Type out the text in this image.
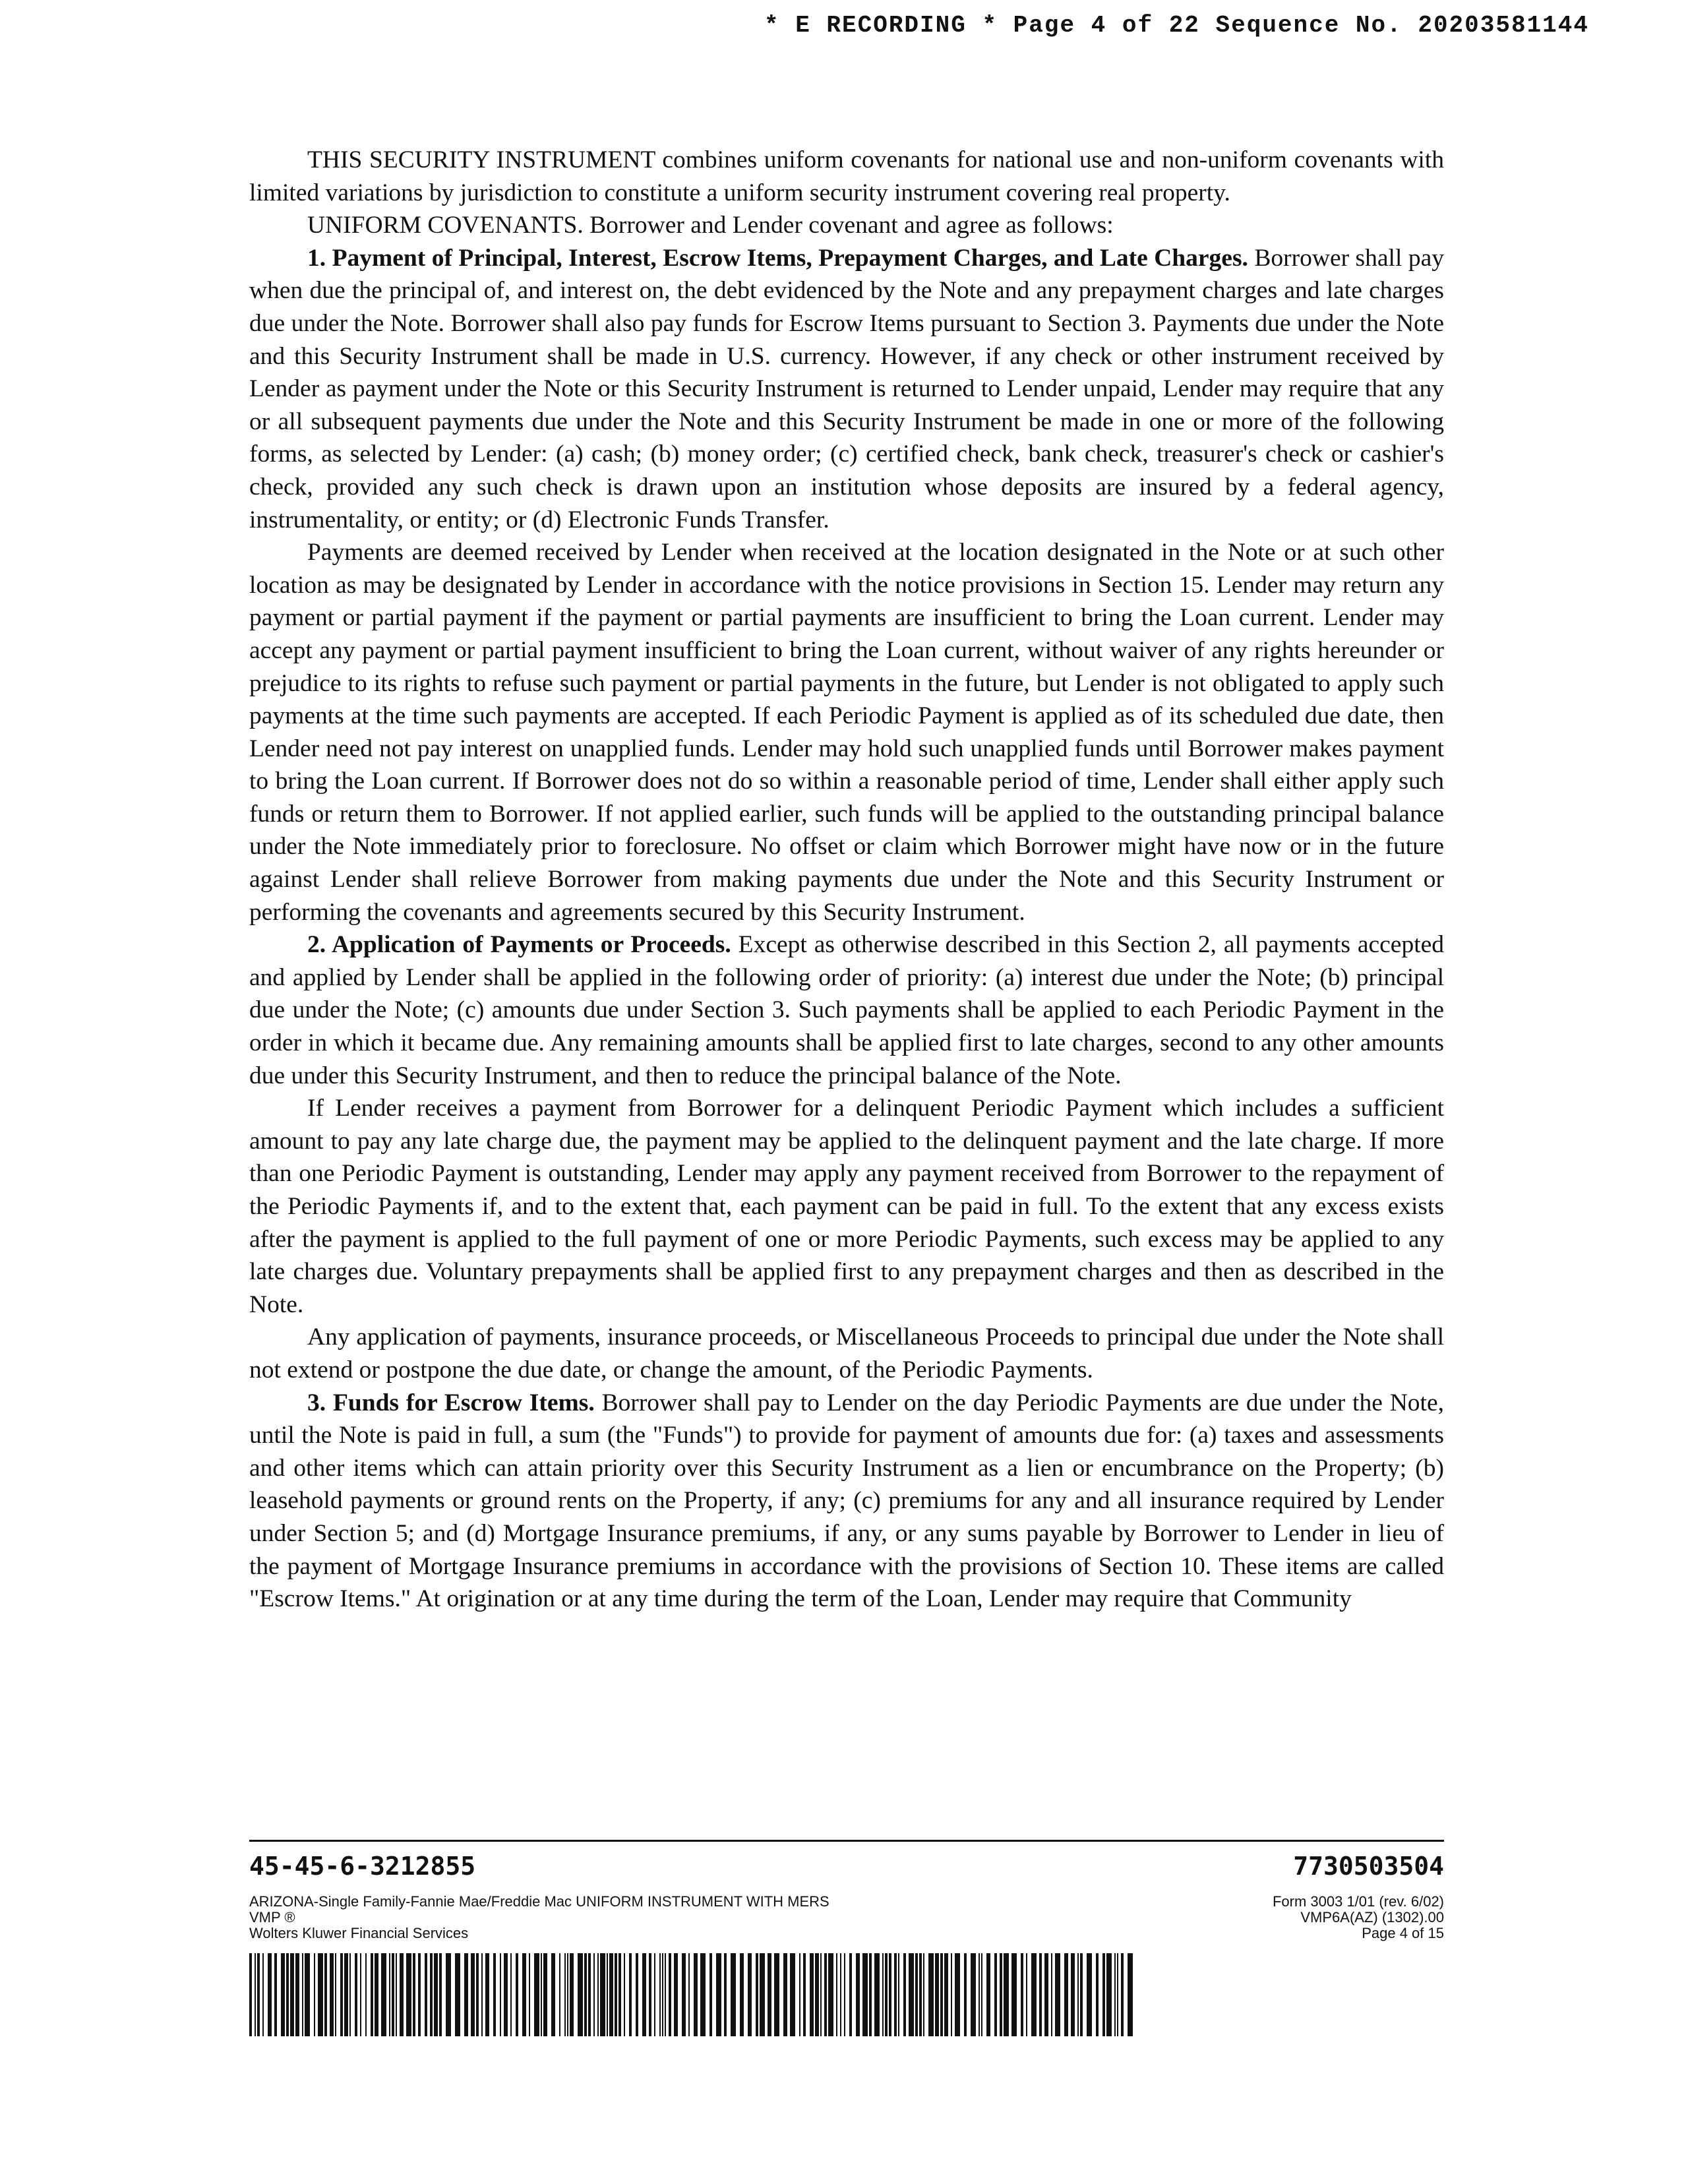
* E RECORDING * Page 4 of 22 Sequence No. 20203581144

THIS SECURITY INSTRUMENT combines uniform covenants for national use and non-uniform covenants with limited variations by jurisdiction to constitute a uniform security instrument covering real property.

UNIFORM COVENANTS. Borrower and Lender covenant and agree as follows:

1. Payment of Principal, Interest, Escrow Items, Prepayment Charges, and Late Charges. Borrower shall pay when due the principal of, and interest on, the debt evidenced by the Note and any prepayment charges and late charges due under the Note. Borrower shall also pay funds for Escrow Items pursuant to Section 3. Payments due under the Note and this Security Instrument shall be made in U.S. currency. However, if any check or other instrument received by Lender as payment under the Note or this Security Instrument is returned to Lender unpaid, Lender may require that any or all subsequent payments due under the Note and this Security Instrument be made in one or more of the following forms, as selected by Lender: (a) cash; (b) money order; (c) certified check, bank check, treasurer's check or cashier's check, provided any such check is drawn upon an institution whose deposits are insured by a federal agency, instrumentality, or entity; or (d) Electronic Funds Transfer.

Payments are deemed received by Lender when received at the location designated in the Note or at such other location as may be designated by Lender in accordance with the notice provisions in Section 15. Lender may return any payment or partial payment if the payment or partial payments are insufficient to bring the Loan current. Lender may accept any payment or partial payment insufficient to bring the Loan current, without waiver of any rights hereunder or prejudice to its rights to refuse such payment or partial payments in the future, but Lender is not obligated to apply such payments at the time such payments are accepted. If each Periodic Payment is applied as of its scheduled due date, then Lender need not pay interest on unapplied funds. Lender may hold such unapplied funds until Borrower makes payment to bring the Loan current. If Borrower does not do so within a reasonable period of time, Lender shall either apply such funds or return them to Borrower. If not applied earlier, such funds will be applied to the outstanding principal balance under the Note immediately prior to foreclosure. No offset or claim which Borrower might have now or in the future against Lender shall relieve Borrower from making payments due under the Note and this Security Instrument or performing the covenants and agreements secured by this Security Instrument.

2. Application of Payments or Proceeds. Except as otherwise described in this Section 2, all payments accepted and applied by Lender shall be applied in the following order of priority: (a) interest due under the Note; (b) principal due under the Note; (c) amounts due under Section 3. Such payments shall be applied to each Periodic Payment in the order in which it became due. Any remaining amounts shall be applied first to late charges, second to any other amounts due under this Security Instrument, and then to reduce the principal balance of the Note.

If Lender receives a payment from Borrower for a delinquent Periodic Payment which includes a sufficient amount to pay any late charge due, the payment may be applied to the delinquent payment and the late charge. If more than one Periodic Payment is outstanding, Lender may apply any payment received from Borrower to the repayment of the Periodic Payments if, and to the extent that, each payment can be paid in full. To the extent that any excess exists after the payment is applied to the full payment of one or more Periodic Payments, such excess may be applied to any late charges due. Voluntary prepayments shall be applied first to any prepayment charges and then as described in the Note.

Any application of payments, insurance proceeds, or Miscellaneous Proceeds to principal due under the Note shall not extend or postpone the due date, or change the amount, of the Periodic Payments.

3. Funds for Escrow Items. Borrower shall pay to Lender on the day Periodic Payments are due under the Note, until the Note is paid in full, a sum (the "Funds") to provide for payment of amounts due for: (a) taxes and assessments and other items which can attain priority over this Security Instrument as a lien or encumbrance on the Property; (b) leasehold payments or ground rents on the Property, if any; (c) premiums for any and all insurance required by Lender under Section 5; and (d) Mortgage Insurance premiums, if any, or any sums payable by Borrower to Lender in lieu of the payment of Mortgage Insurance premiums in accordance with the provisions of Section 10. These items are called "Escrow Items." At origination or at any time during the term of the Loan, Lender may require that Community

45-45-6-3212855	7730503504
ARIZONA-Single Family-Fannie Mae/Freddie Mac UNIFORM INSTRUMENT WITH MERS
VMP ®
Wolters Kluwer Financial Services
Form 3003 1/01 (rev. 6/02)
VMP6A(AZ) (1302).00
Page 4 of 15
